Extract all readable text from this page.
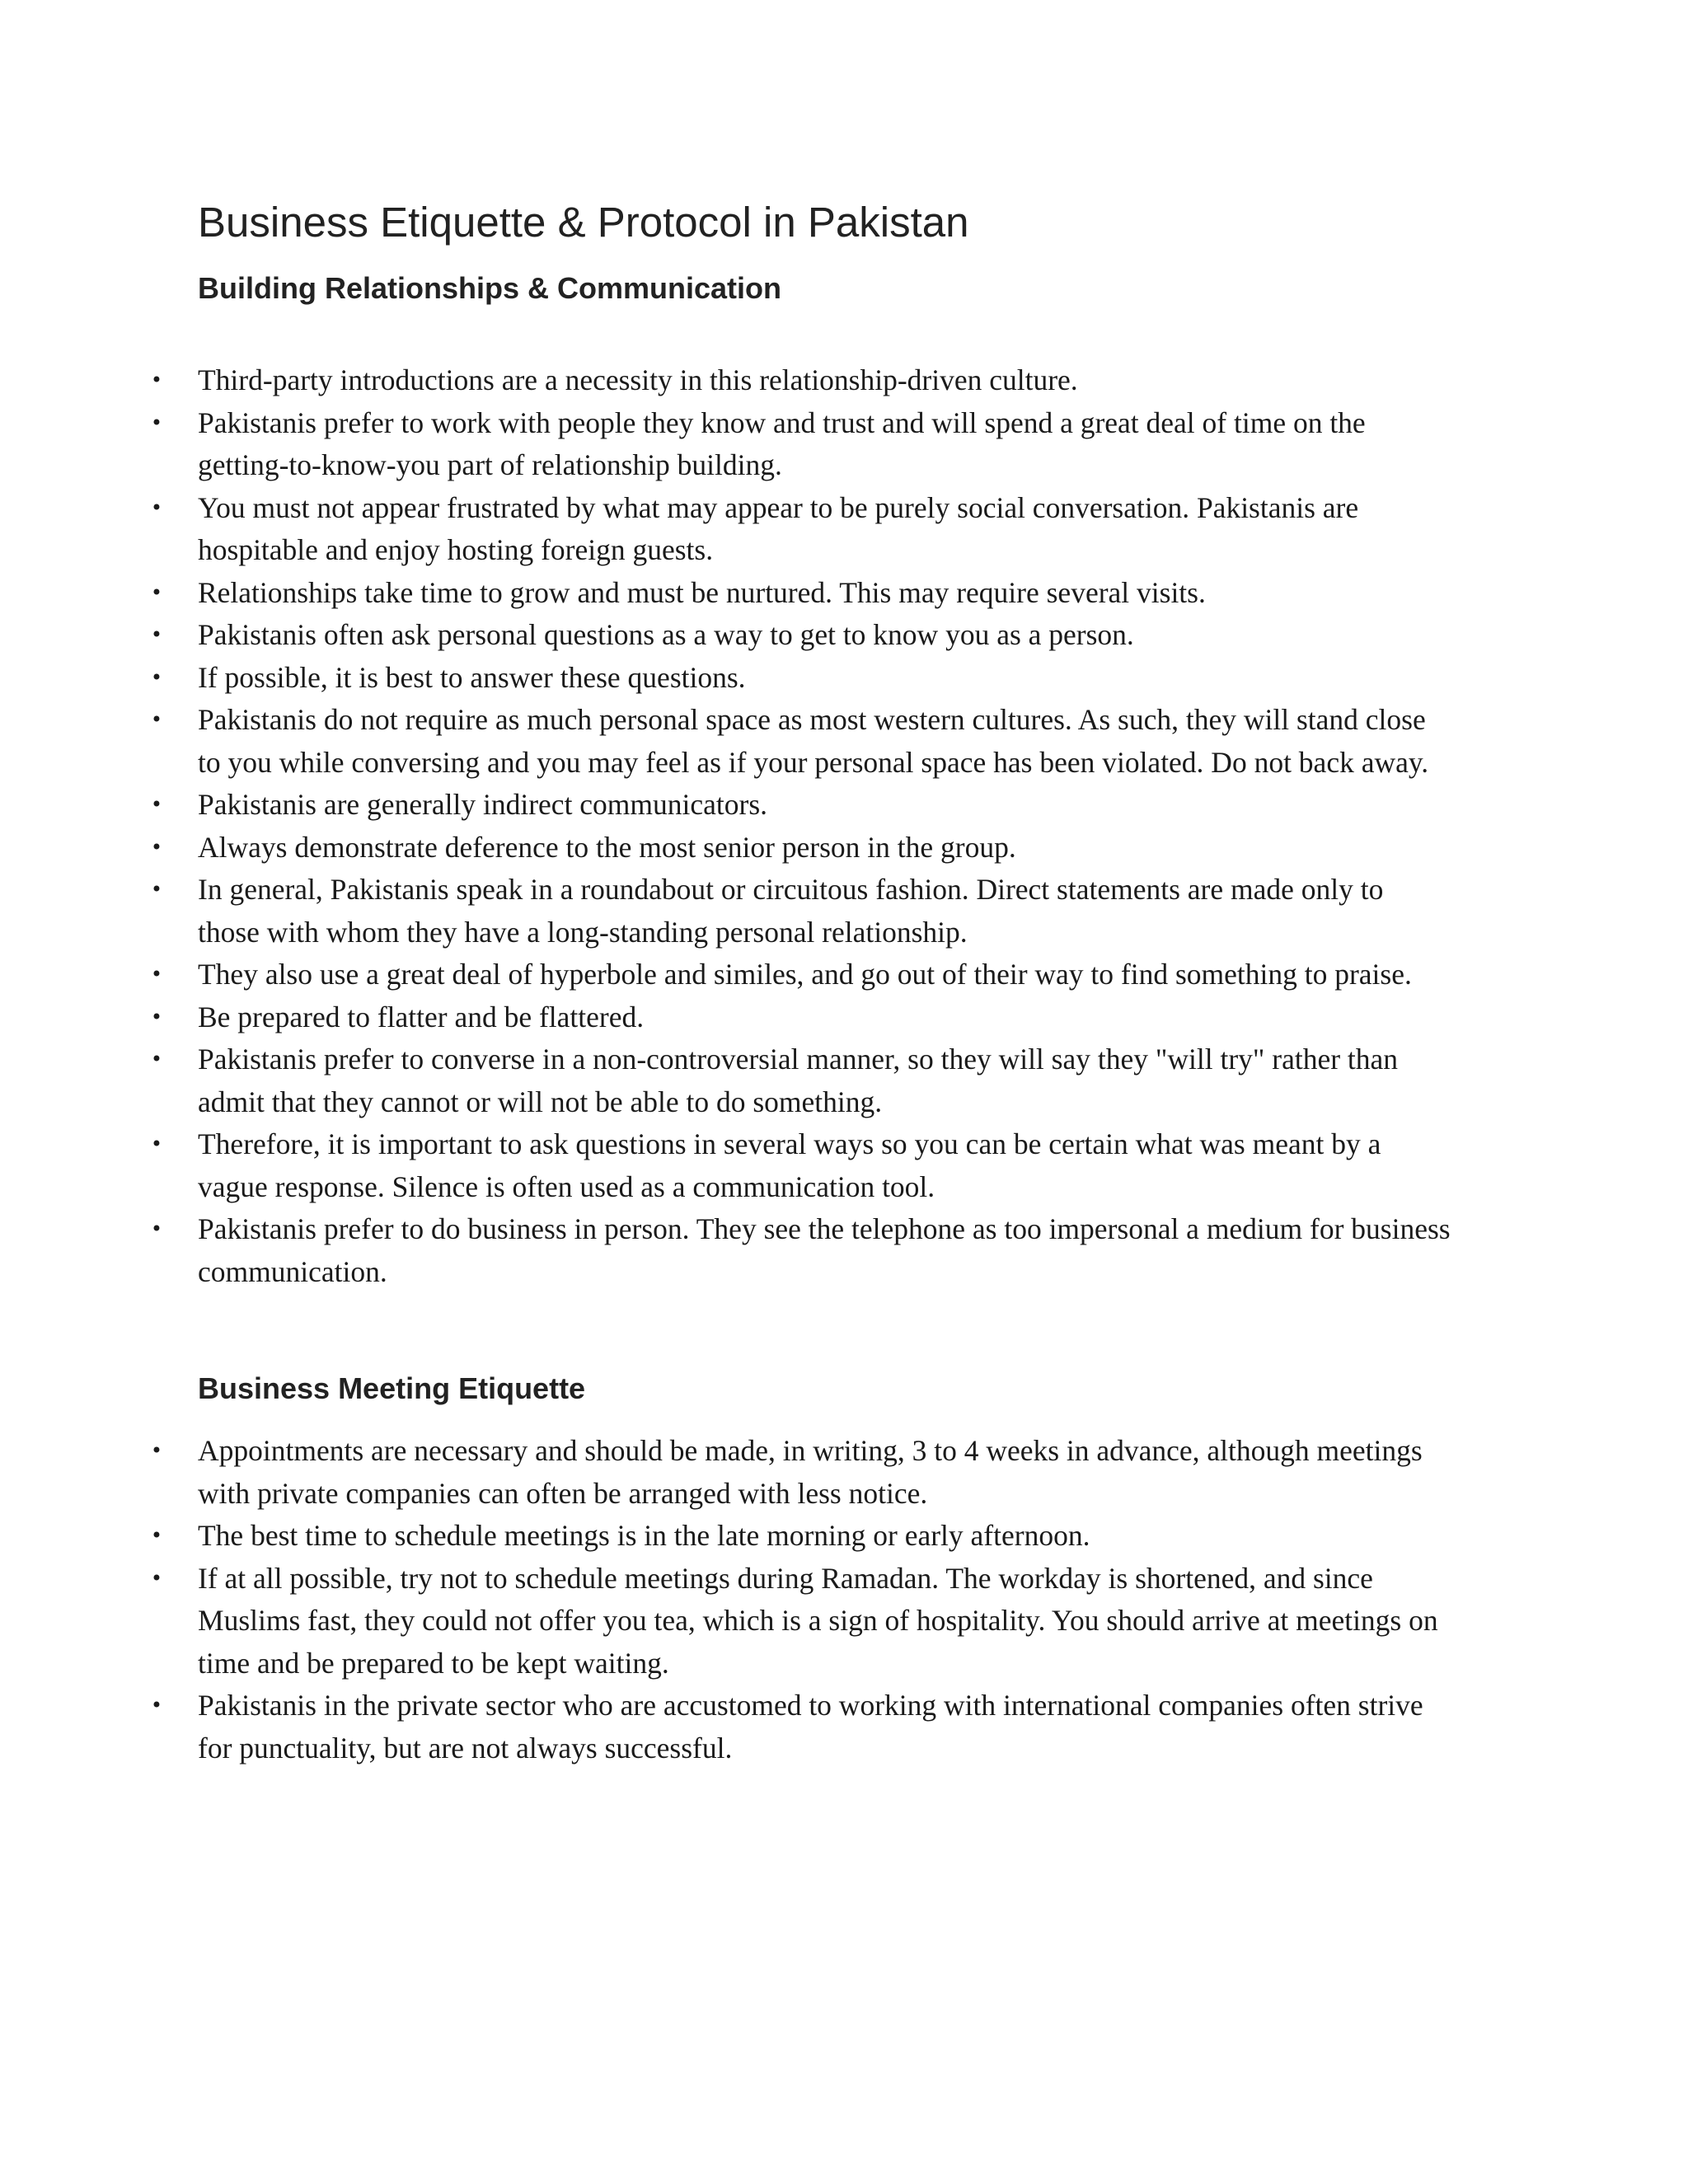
Business Etiquette & Protocol in Pakistan
Building Relationships & Communication
• Third-party introductions are a necessity in this relationship-driven culture.
• Pakistanis prefer to work with people they know and trust and will spend a great deal of time on the getting-to-know-you part of relationship building.
• You must not appear frustrated by what may appear to be purely social conversation. Pakistanis are hospitable and enjoy hosting foreign guests.
• Relationships take time to grow and must be nurtured. This may require several visits.
• Pakistanis often ask personal questions as a way to get to know you as a person.
• If possible, it is best to answer these questions.
• Pakistanis do not require as much personal space as most western cultures. As such, they will stand close to you while conversing and you may feel as if your personal space has been violated. Do not back away.
• Pakistanis are generally indirect communicators.
• Always demonstrate deference to the most senior person in the group.
• In general, Pakistanis speak in a roundabout or circuitous fashion. Direct statements are made only to those with whom they have a long-standing personal relationship.
• They also use a great deal of hyperbole and similes, and go out of their way to find something to praise.
• Be prepared to flatter and be flattered.
• Pakistanis prefer to converse in a non-controversial manner, so they will say they "will try" rather than admit that they cannot or will not be able to do something.
• Therefore, it is important to ask questions in several ways so you can be certain what was meant by a vague response. Silence is often used as a communication tool.
• Pakistanis prefer to do business in person. They see the telephone as too impersonal a medium for business communication.
Business Meeting Etiquette
• Appointments are necessary and should be made, in writing, 3 to 4 weeks in advance, although meetings with private companies can often be arranged with less notice.
• The best time to schedule meetings is in the late morning or early afternoon.
• If at all possible, try not to schedule meetings during Ramadan. The workday is shortened, and since Muslims fast, they could not offer you tea, which is a sign of hospitality. You should arrive at meetings on time and be prepared to be kept waiting.
• Pakistanis in the private sector who are accustomed to working with international companies often strive for punctuality, but are not always successful.
